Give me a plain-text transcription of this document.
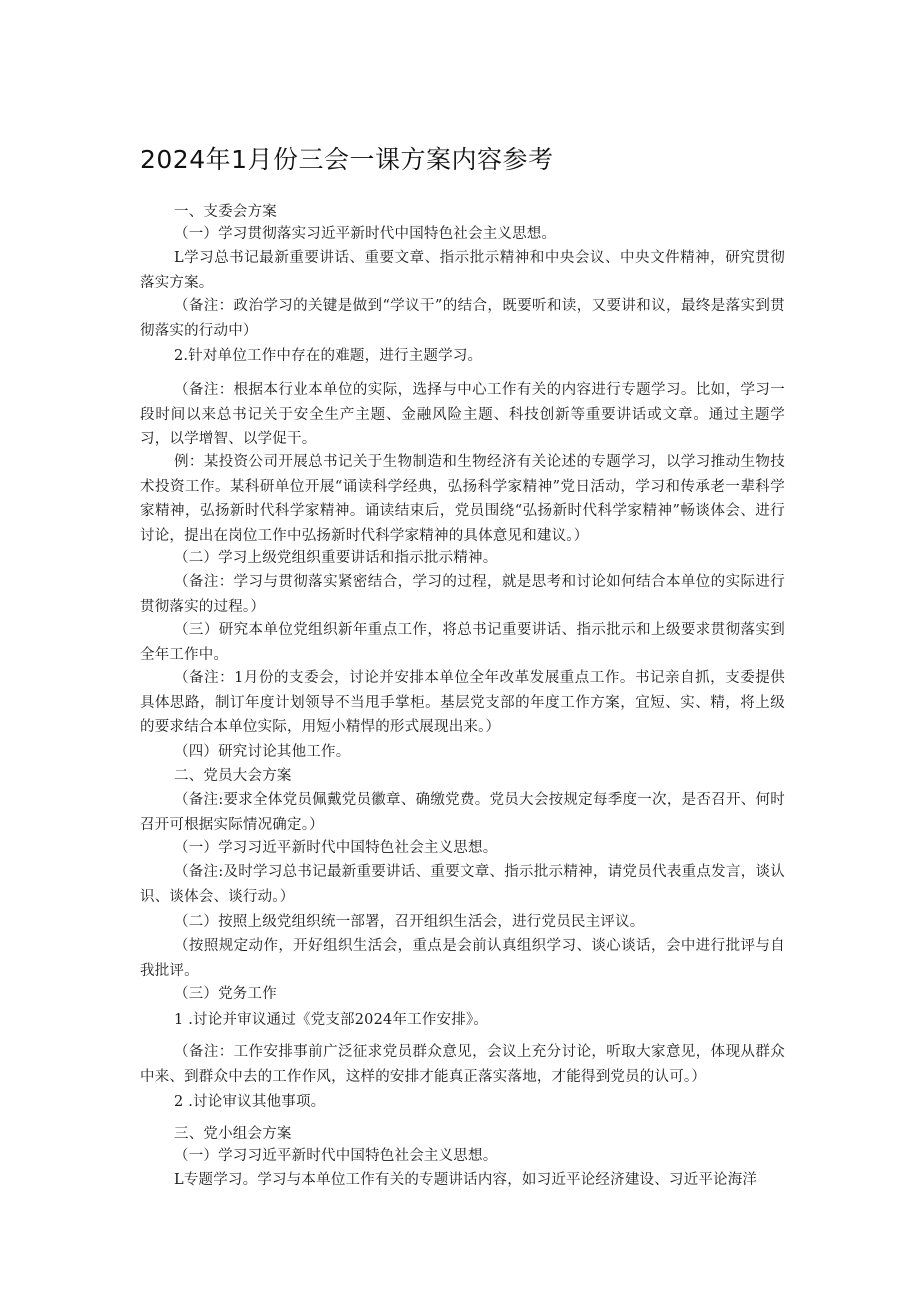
2024年1月份三会一课方案内容参考

一、支委会方案

（一）学习贯彻落实习近平新时代中国特色社会主义思想。

L学习总书记最新重要讲话、重要文章、指示批示精神和中央会议、中央文件精神，研究贯彻落实方案。

（备注：政治学习的关键是做到“学议干”的结合，既要听和读，又要讲和议，最终是落实到贯彻落实的行动中）

2.针对单位工作中存在的难题，进行主题学习。

（备注：根据本行业本单位的实际，选择与中心工作有关的内容进行专题学习。比如，学习一段时间以来总书记关于安全生产主题、金融风险主题、科技创新等重要讲话或文章。通过主题学习，以学增智、以学促干。

例：某投资公司开展总书记关于生物制造和生物经济有关论述的专题学习，以学习推动生物技术投资工作。某科研单位开展“诵读科学经典，弘扬科学家精神”党日活动，学习和传承老一辈科学家精神，弘扬新时代科学家精神。诵读结束后，党员围绕“弘扬新时代科学家精神”畅谈体会、进行讨论，提出在岗位工作中弘扬新时代科学家精神的具体意见和建议。）

（二）学习上级党组织重要讲话和指示批示精神。

（备注：学习与贯彻落实紧密结合，学习的过程，就是思考和讨论如何结合本单位的实际进行贯彻落实的过程。）

（三）研究本单位党组织新年重点工作，将总书记重要讲话、指示批示和上级要求贯彻落实到全年工作中。

（备注：1月份的支委会，讨论并安排本单位全年改革发展重点工作。书记亲自抓，支委提供具体思路，制订年度计划领导不当甩手掌柜。基层党支部的年度工作方案，宜短、实、精，将上级的要求结合本单位实际，用短小精悍的形式展现出来。）

（四）研究讨论其他工作。

二、党员大会方案

（备注:要求全体党员佩戴党员徽章、确缴党费。党员大会按规定每季度一次，是否召开、何时召开可根据实际情况确定。）

（一）学习习近平新时代中国特色社会主义思想。

（备注:及时学习总书记最新重要讲话、重要文章、指示批示精神，请党员代表重点发言，谈认识、谈体会、谈行动。）

（二）按照上级党组织统一部署，召开组织生活会，进行党员民主评议。

（按照规定动作，开好组织生活会，重点是会前认真组织学习、谈心谈话，会中进行批评与自我批评。

（三）党务工作

1 .讨论并审议通过《党支部2024年工作安排》。

（备注：工作安排事前广泛征求党员群众意见，会议上充分讨论，听取大家意见，体现从群众中来、到群众中去的工作作风，这样的安排才能真正落实落地，才能得到党员的认可。）

2 .讨论审议其他事项。

三、党小组会方案

（一）学习习近平新时代中国特色社会主义思想。

L专题学习。学习与本单位工作有关的专题讲话内容，如习近平论经济建设、习近平论海洋
